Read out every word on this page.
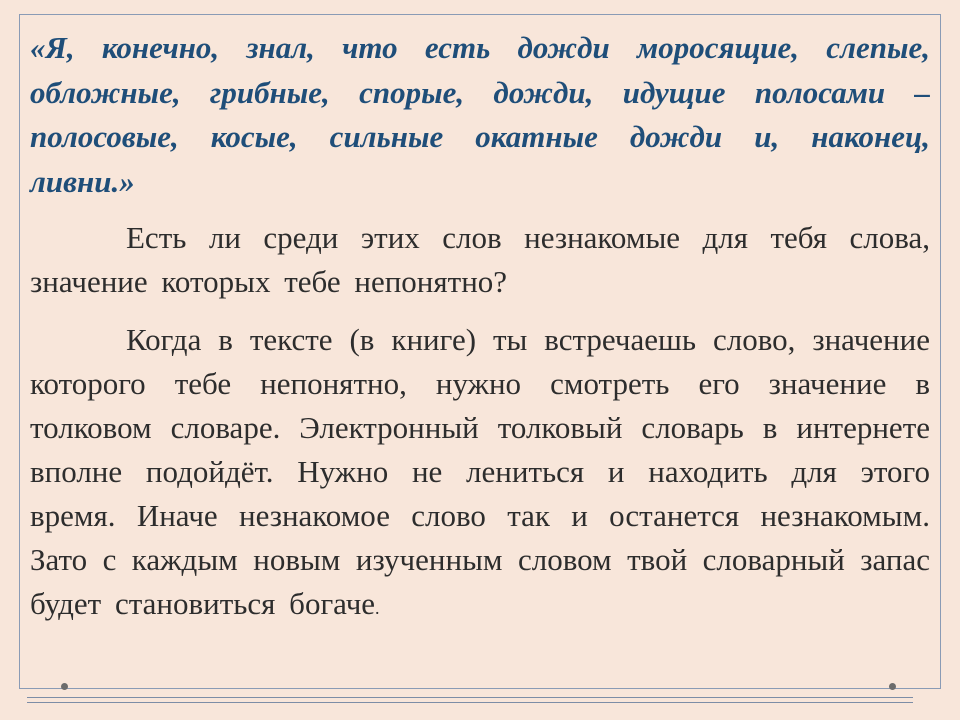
«Я, конечно, знал, что есть дожди моросящие, слепые, обложные, грибные, спорые, дожди, идущие полосами – полосовые, косые, сильные окатные дожди и, наконец, ливни.»

Есть ли среди этих слов незнакомые для тебя слова, значение которых тебе непонятно?

Когда в тексте (в книге) ты встречаешь слово, значение которого тебе непонятно, нужно смотреть его значение в толковом словаре. Электронный толковый словарь в интернете вполне подойдёт. Нужно не лениться и находить для этого время. Иначе незнакомое слово так и останется незнакомым. Зато с каждым новым изученным словом твой словарный запас будет становиться богаче.
